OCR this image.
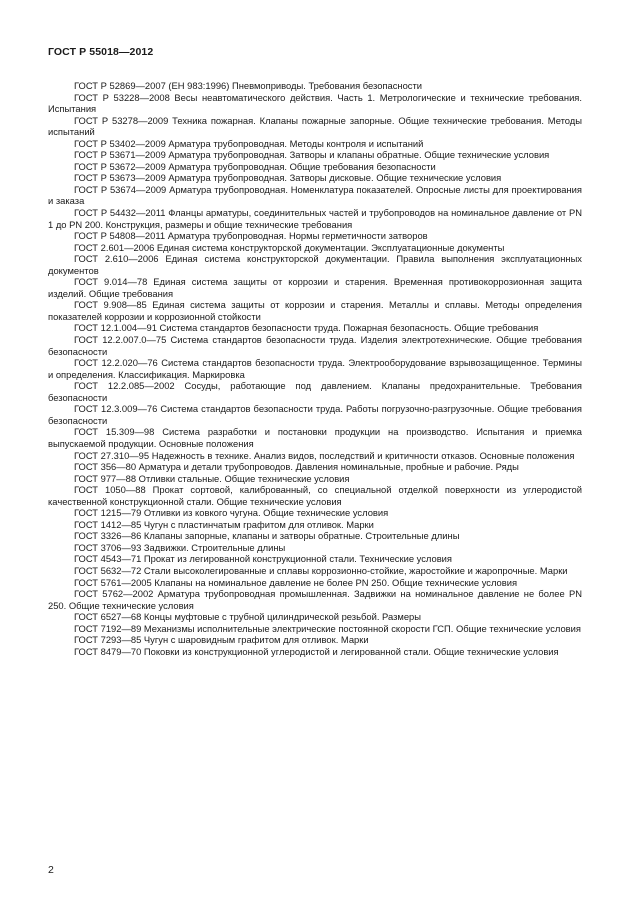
ГОСТ Р 55018—2012

ГОСТ Р 52869—2007 (ЕН 983:1996) Пневмоприводы. Требования безопасности

ГОСТ Р 53228—2008 Весы неавтоматического действия. Часть 1. Метрологические и технические требования. Испытания

ГОСТ Р 53278—2009 Техника пожарная. Клапаны пожарные запорные. Общие технические требования. Методы испытаний

ГОСТ Р 53402—2009 Арматура трубопроводная. Методы контроля и испытаний

ГОСТ Р 53671—2009 Арматура трубопроводная. Затворы и клапаны обратные. Общие технические условия

ГОСТ Р 53672—2009 Арматура трубопроводная. Общие требования безопасности

ГОСТ Р 53673—2009 Арматура трубопроводная. Затворы дисковые. Общие технические условия

ГОСТ Р 53674—2009 Арматура трубопроводная. Номенклатура показателей. Опросные листы для проектирования и заказа

ГОСТ Р 54432—2011 Фланцы арматуры, соединительных частей и трубопроводов на номинальное давление от PN 1 до PN 200. Конструкция, размеры и общие технические требования

ГОСТ Р 54808—2011 Арматура трубопроводная. Нормы герметичности затворов

ГОСТ 2.601—2006 Единая система конструкторской документации. Эксплуатационные документы

ГОСТ 2.610—2006 Единая система конструкторской документации. Правила выполнения эксплуатационных документов

ГОСТ 9.014—78 Единая система защиты от коррозии и старения. Временная противокоррозионная защита изделий. Общие требования

ГОСТ 9.908—85 Единая система защиты от коррозии и старения. Металлы и сплавы. Методы определения показателей коррозии и коррозионной стойкости

ГОСТ 12.1.004—91 Система стандартов безопасности труда. Пожарная безопасность. Общие требования

ГОСТ 12.2.007.0—75 Система стандартов безопасности труда. Изделия электротехнические. Общие требования безопасности

ГОСТ 12.2.020—76 Система стандартов безопасности труда. Электрооборудование взрывозащищенное. Термины и определения. Классификация. Маркировка

ГОСТ 12.2.085—2002 Сосуды, работающие под давлением. Клапаны предохранительные. Требования безопасности

ГОСТ 12.3.009—76 Система стандартов безопасности труда. Работы погрузочно-разгрузочные. Общие требования безопасности

ГОСТ 15.309—98 Система разработки и постановки продукции на производство. Испытания и приемка выпускаемой продукции. Основные положения

ГОСТ 27.310—95 Надежность в технике. Анализ видов, последствий и критичности отказов. Основные положения

ГОСТ 356—80 Арматура и детали трубопроводов. Давления номинальные, пробные и рабочие. Ряды

ГОСТ 977—88 Отливки стальные. Общие технические условия

ГОСТ 1050—88 Прокат сортовой, калиброванный, со специальной отделкой поверхности из углеродистой качественной конструкционной стали. Общие технические условия

ГОСТ 1215—79 Отливки из ковкого чугуна. Общие технические условия

ГОСТ 1412—85 Чугун с пластинчатым графитом для отливок. Марки

ГОСТ 3326—86 Клапаны запорные, клапаны и затворы обратные. Строительные длины

ГОСТ 3706—93 Задвижки. Строительные длины

ГОСТ 4543—71 Прокат из легированной конструкционной стали. Технические условия

ГОСТ 5632—72 Стали высоколегированные и сплавы коррозионно-стойкие, жаростойкие и жаропрочные. Марки

ГОСТ 5761—2005 Клапаны на номинальное давление не более PN 250. Общие технические условия

ГОСТ 5762—2002 Арматура трубопроводная промышленная. Задвижки на номинальное давление не более PN 250. Общие технические условия

ГОСТ 6527—68 Концы муфтовые с трубной цилиндрической резьбой. Размеры

ГОСТ 7192—89 Механизмы исполнительные электрические постоянной скорости ГСП. Общие технические условия

ГОСТ 7293—85 Чугун с шаровидным графитом для отливок. Марки

ГОСТ 8479—70 Поковки из конструкционной углеродистой и легированной стали. Общие технические условия

2
